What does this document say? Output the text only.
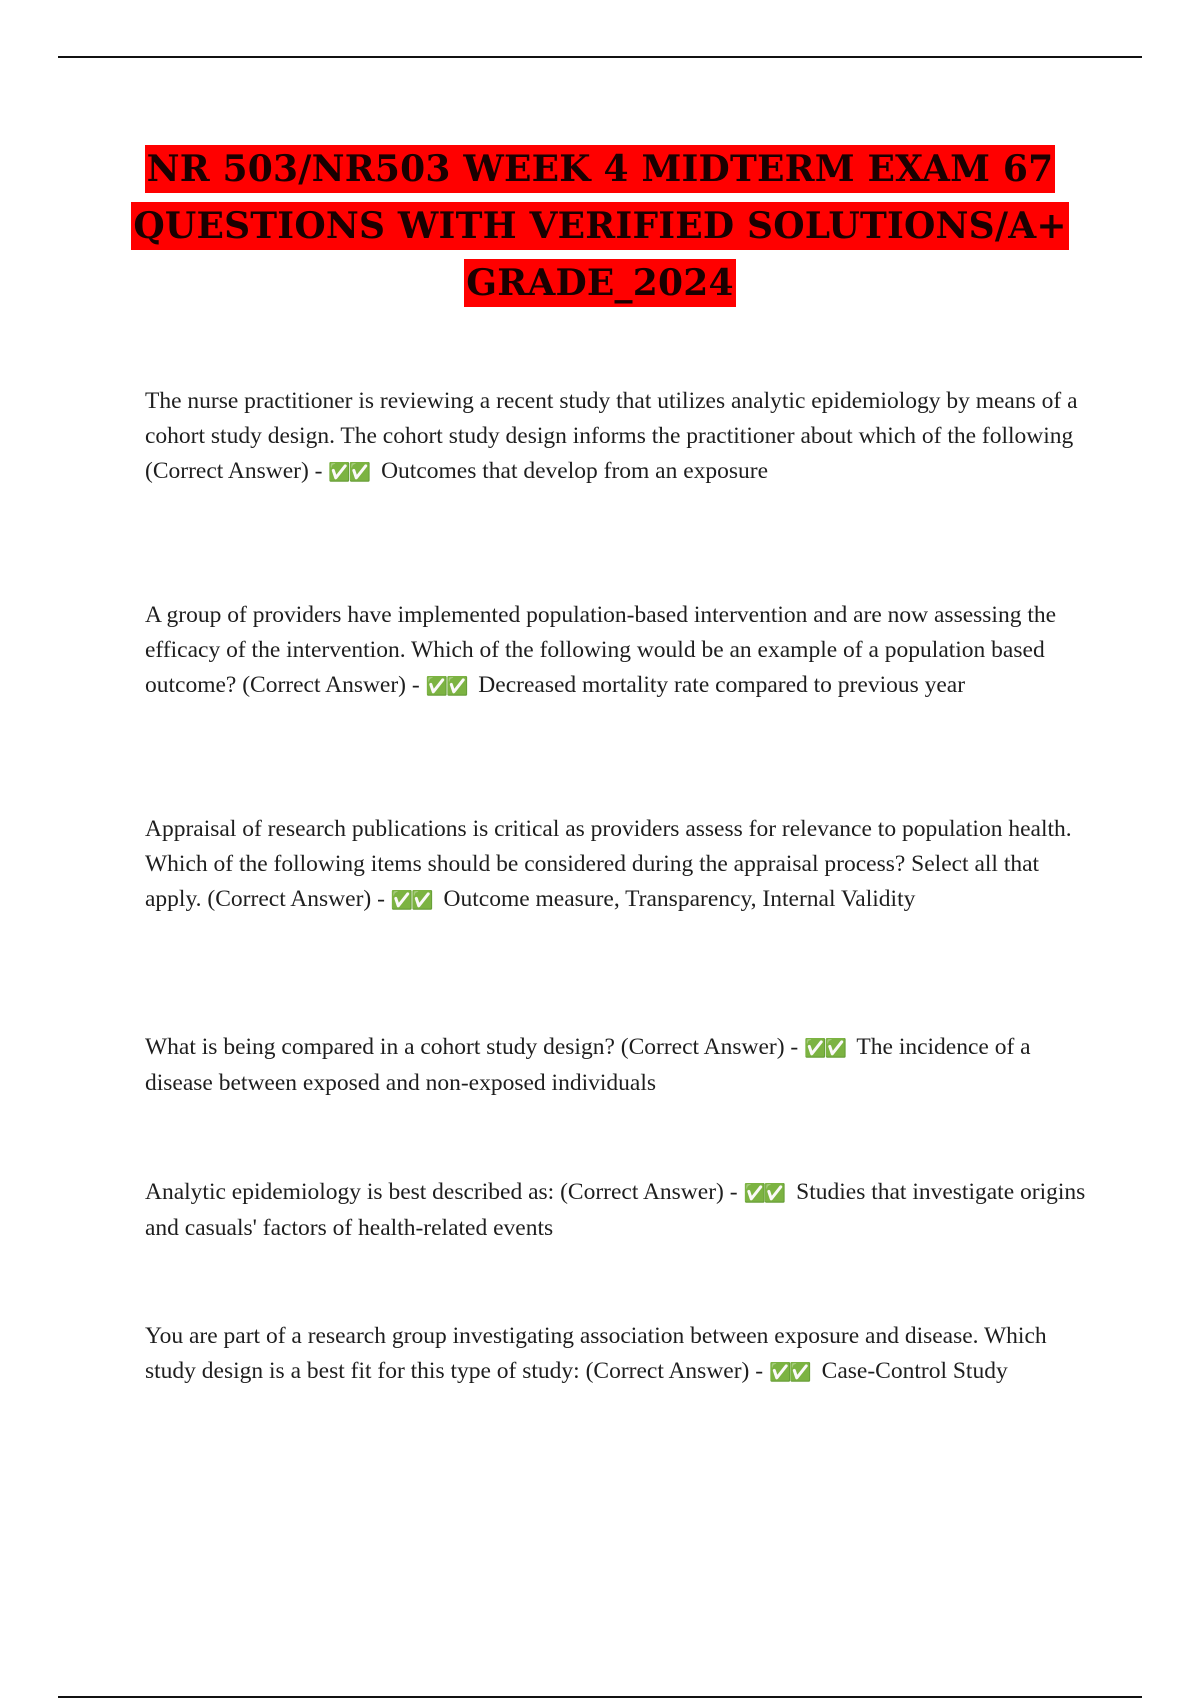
NR 503/NR503 WEEK 4 MIDTERM EXAM 67
QUESTIONS WITH VERIFIED SOLUTIONS/A+
GRADE_2024

The nurse practitioner is reviewing a recent study that utilizes analytic epidemiology by means of a cohort study design. The cohort study design informs the practitioner about which of the following (Correct Answer) - ✅✅ Outcomes that develop from an exposure

A group of providers have implemented population-based intervention and are now assessing the efficacy of the intervention. Which of the following would be an example of a population based outcome? (Correct Answer) - ✅✅ Decreased mortality rate compared to previous year

Appraisal of research publications is critical as providers assess for relevance to population health. Which of the following items should be considered during the appraisal process? Select all that apply. (Correct Answer) - ✅✅ Outcome measure, Transparency, Internal Validity

What is being compared in a cohort study design? (Correct Answer) - ✅✅ The incidence of a disease between exposed and non-exposed individuals

Analytic epidemiology is best described as: (Correct Answer) - ✅✅ Studies that investigate origins and casuals' factors of health-related events

You are part of a research group investigating association between exposure and disease. Which study design is a best fit for this type of study: (Correct Answer) - ✅✅ Case-Control Study
